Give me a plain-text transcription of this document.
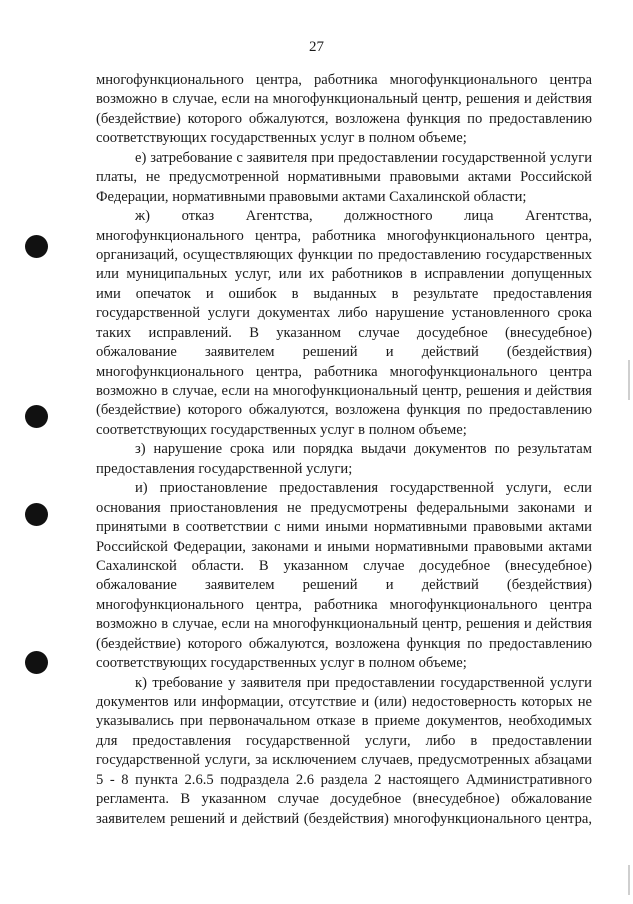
27
многофункционального центра, работника многофункционального центра
возможно в случае, если на многофункциональный центр, решения и действия
(бездействие) которого обжалуются, возложена функция по предоставлению
соответствующих государственных услуг в полном объеме;
е) затребование с заявителя при предоставлении государственной услуги
платы, не предусмотренной нормативными правовыми актами Российской
Федерации, нормативными правовыми актами Сахалинской области;
ж) отказ Агентства, должностного лица Агентства,
многофункционального центра, работника многофункционального центра,
организаций, осуществляющих функции по предоставлению государственных
или муниципальных услуг, или их работников в исправлении допущенных
ими опечаток и ошибок в выданных в результате предоставления
государственной услуги документах либо нарушение установленного срока
таких исправлений. В указанном случае досудебное (внесудебное)
обжалование заявителем решений и действий (бездействия)
многофункционального центра, работника многофункционального центра
возможно в случае, если на многофункциональный центр, решения и действия
(бездействие) которого обжалуются, возложена функция по предоставлению
соответствующих государственных услуг в полном объеме;
з) нарушение срока или порядка выдачи документов по результатам
предоставления государственной услуги;
и) приостановление предоставления государственной услуги, если
основания приостановления не предусмотрены федеральными законами и
принятыми в соответствии с ними иными нормативными правовыми актами
Российской Федерации, законами и иными нормативными правовыми актами
Сахалинской области. В указанном случае досудебное (внесудебное)
обжалование заявителем решений и действий (бездействия)
многофункционального центра, работника многофункционального центра
возможно в случае, если на многофункциональный центр, решения и действия
(бездействие) которого обжалуются, возложена функция по предоставлению
соответствующих государственных услуг в полном объеме;
к) требование у заявителя при предоставлении государственной услуги
документов или информации, отсутствие и (или) недостоверность которых не
указывались при первоначальном отказе в приеме документов, необходимых
для предоставления государственной услуги, либо в предоставлении
государственной услуги, за исключением случаев, предусмотренных абзацами
5 - 8 пункта 2.6.5 подраздела 2.6 раздела 2 настоящего Административного
регламента. В указанном случае досудебное (внесудебное) обжалование
заявителем решений и действий (бездействия) многофункционального центра,
